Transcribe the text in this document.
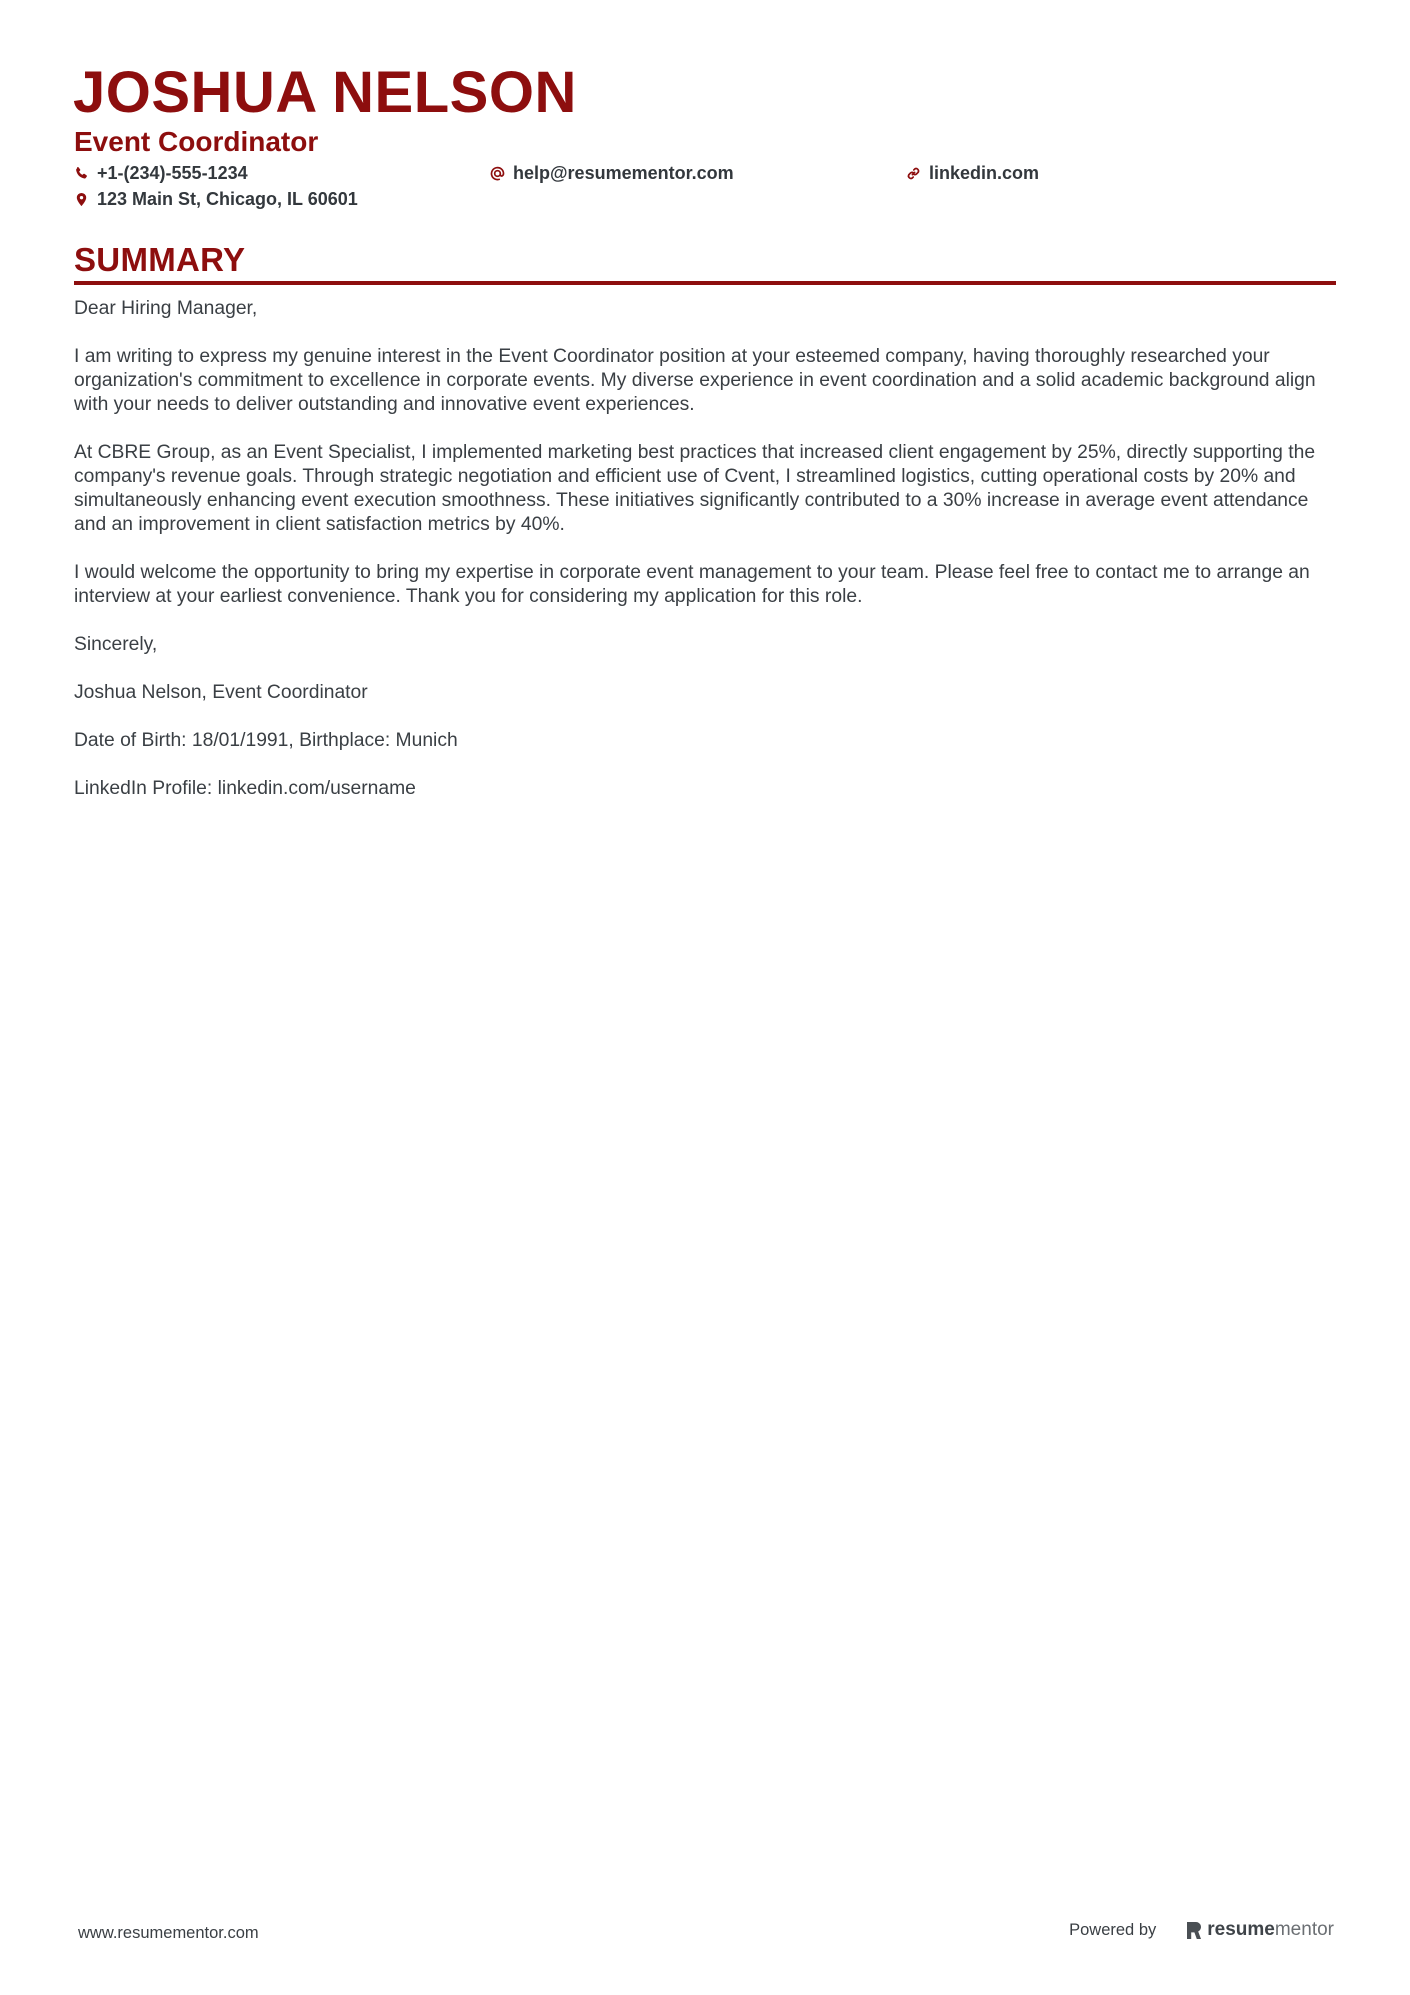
JOSHUA NELSON
Event Coordinator
+1-(234)-555-1234	help@resumementor.com	linkedin.com
123 Main St, Chicago, IL 60601
SUMMARY

Dear Hiring Manager,

I am writing to express my genuine interest in the Event Coordinator position at your esteemed company, having thoroughly researched your organization's commitment to excellence in corporate events. My diverse experience in event coordination and a solid academic background align with your needs to deliver outstanding and innovative event experiences.

At CBRE Group, as an Event Specialist, I implemented marketing best practices that increased client engagement by 25%, directly supporting the company's revenue goals. Through strategic negotiation and efficient use of Cvent, I streamlined logistics, cutting operational costs by 20% and simultaneously enhancing event execution smoothness. These initiatives significantly contributed to a 30% increase in average event attendance and an improvement in client satisfaction metrics by 40%.

I would welcome the opportunity to bring my expertise in corporate event management to your team. Please feel free to contact me to arrange an interview at your earliest convenience. Thank you for considering my application for this role.

Sincerely,

Joshua Nelson, Event Coordinator

Date of Birth: 18/01/1991, Birthplace: Munich

LinkedIn Profile: linkedin.com/username

www.resumementor.com	Powered by	resume mentor
